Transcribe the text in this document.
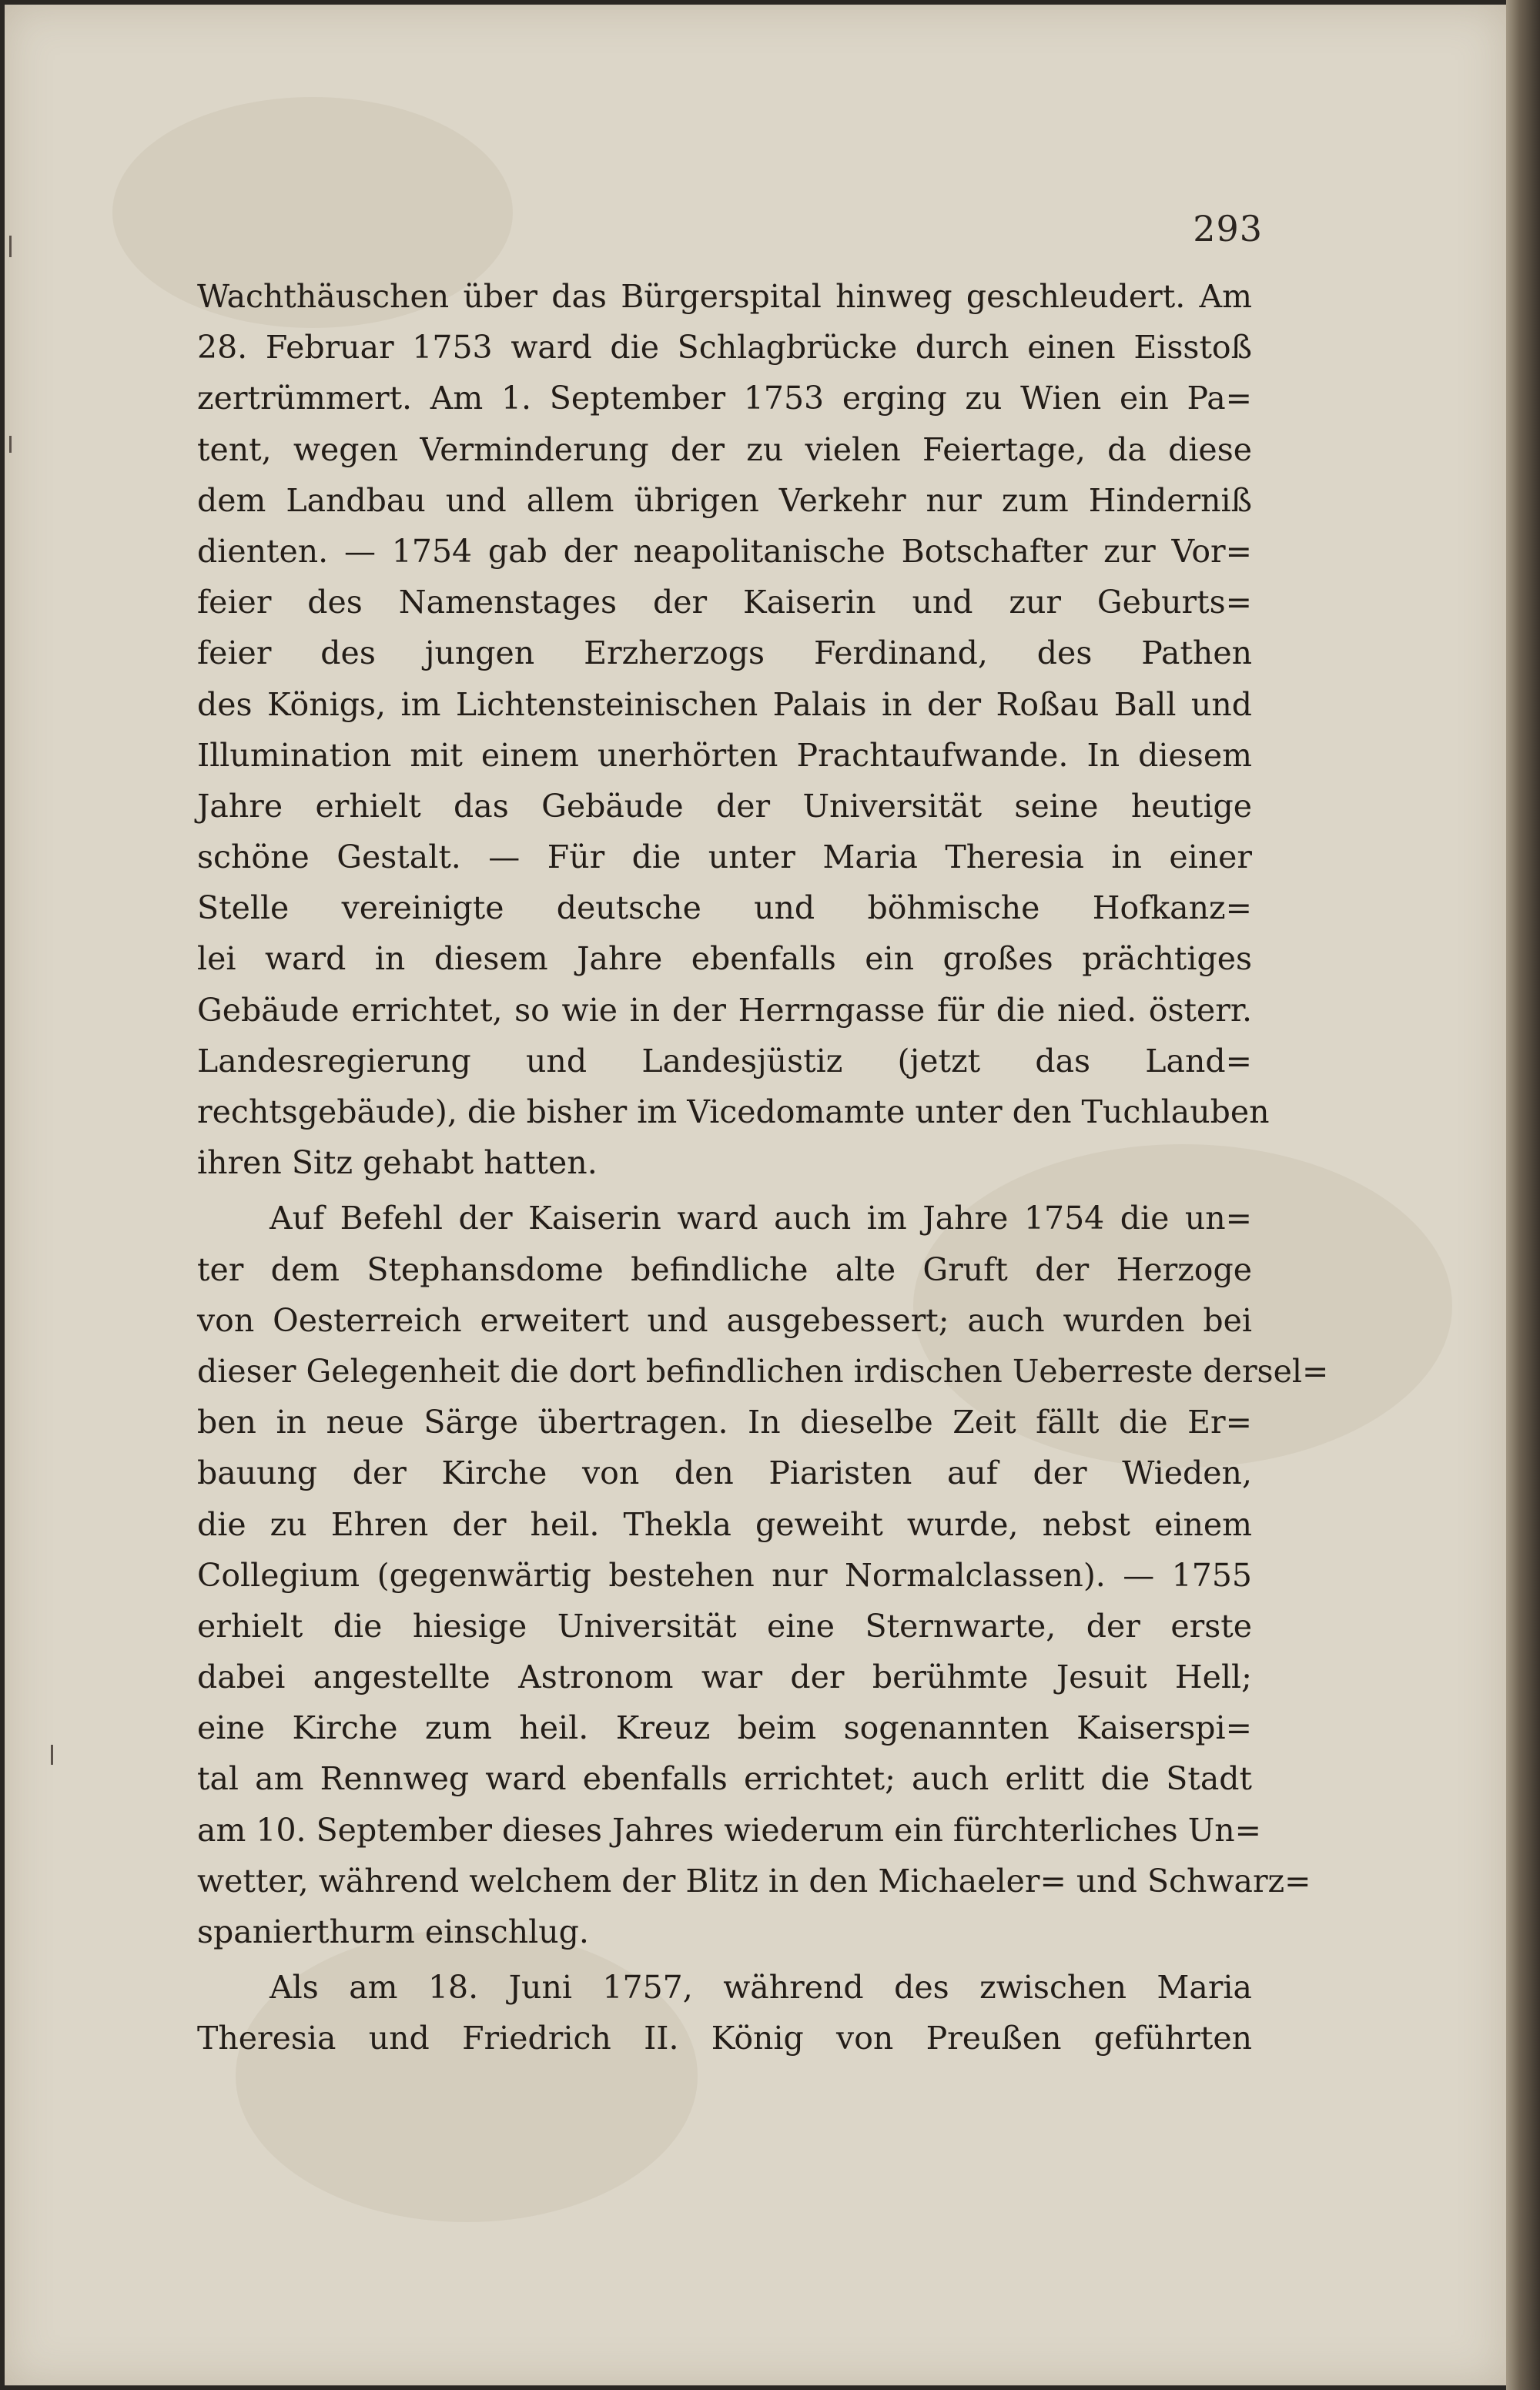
293
Wachthäuschen über das Bürgerspital hinweg geschleudert. Am
28. Februar 1753 ward die Schlagbrücke durch einen Eisstoß
zertrümmert. Am 1. September 1753 erging zu Wien ein Pa=
tent, wegen Verminderung der zu vielen Feiertage, da diese
dem Landbau und allem übrigen Verkehr nur zum Hinderniß
dienten. — 1754 gab der neapolitanische Botschafter zur Vor=
feier des Namenstages der Kaiserin und zur Geburts=
feier des jungen Erzherzogs Ferdinand, des Pathen
des Königs, im Lichtensteinischen Palais in der Roßau Ball und
Illumination mit einem unerhörten Prachtaufwande. In diesem
Jahre erhielt das Gebäude der Universität seine heutige
schöne Gestalt. — Für die unter Maria Theresia in einer
Stelle vereinigte deutsche und böhmische Hofkanz=
lei ward in diesem Jahre ebenfalls ein großes prächtiges
Gebäude errichtet, so wie in der Herrngasse für die nied. österr.
Landesregierung und Landesjüstiz (jetzt das Land=
rechtsgebäude), die bisher im Vicedomamte unter den Tuchlauben
ihren Sitz gehabt hatten.
Auf Befehl der Kaiserin ward auch im Jahre 1754 die un=
ter dem Stephansdome befindliche alte Gruft der Herzoge
von Oesterreich erweitert und ausgebessert; auch wurden bei
dieser Gelegenheit die dort befindlichen irdischen Ueberreste dersel=
ben in neue Särge übertragen. In dieselbe Zeit fällt die Er=
bauung der Kirche von den Piaristen auf der Wieden,
die zu Ehren der heil. Thekla geweiht wurde, nebst einem
Collegium (gegenwärtig bestehen nur Normalclassen). — 1755
erhielt die hiesige Universität eine Sternwarte, der erste
dabei angestellte Astronom war der berühmte Jesuit Hell;
eine Kirche zum heil. Kreuz beim sogenannten Kaiserspi=
tal am Rennweg ward ebenfalls errichtet; auch erlitt die Stadt
am 10. September dieses Jahres wiederum ein fürchterliches Un=
wetter, während welchem der Blitz in den Michaeler= und Schwarz=
spanierthurm einschlug.
Als am 18. Juni 1757, während des zwischen Maria
Theresia und Friedrich II. König von Preußen geführten
